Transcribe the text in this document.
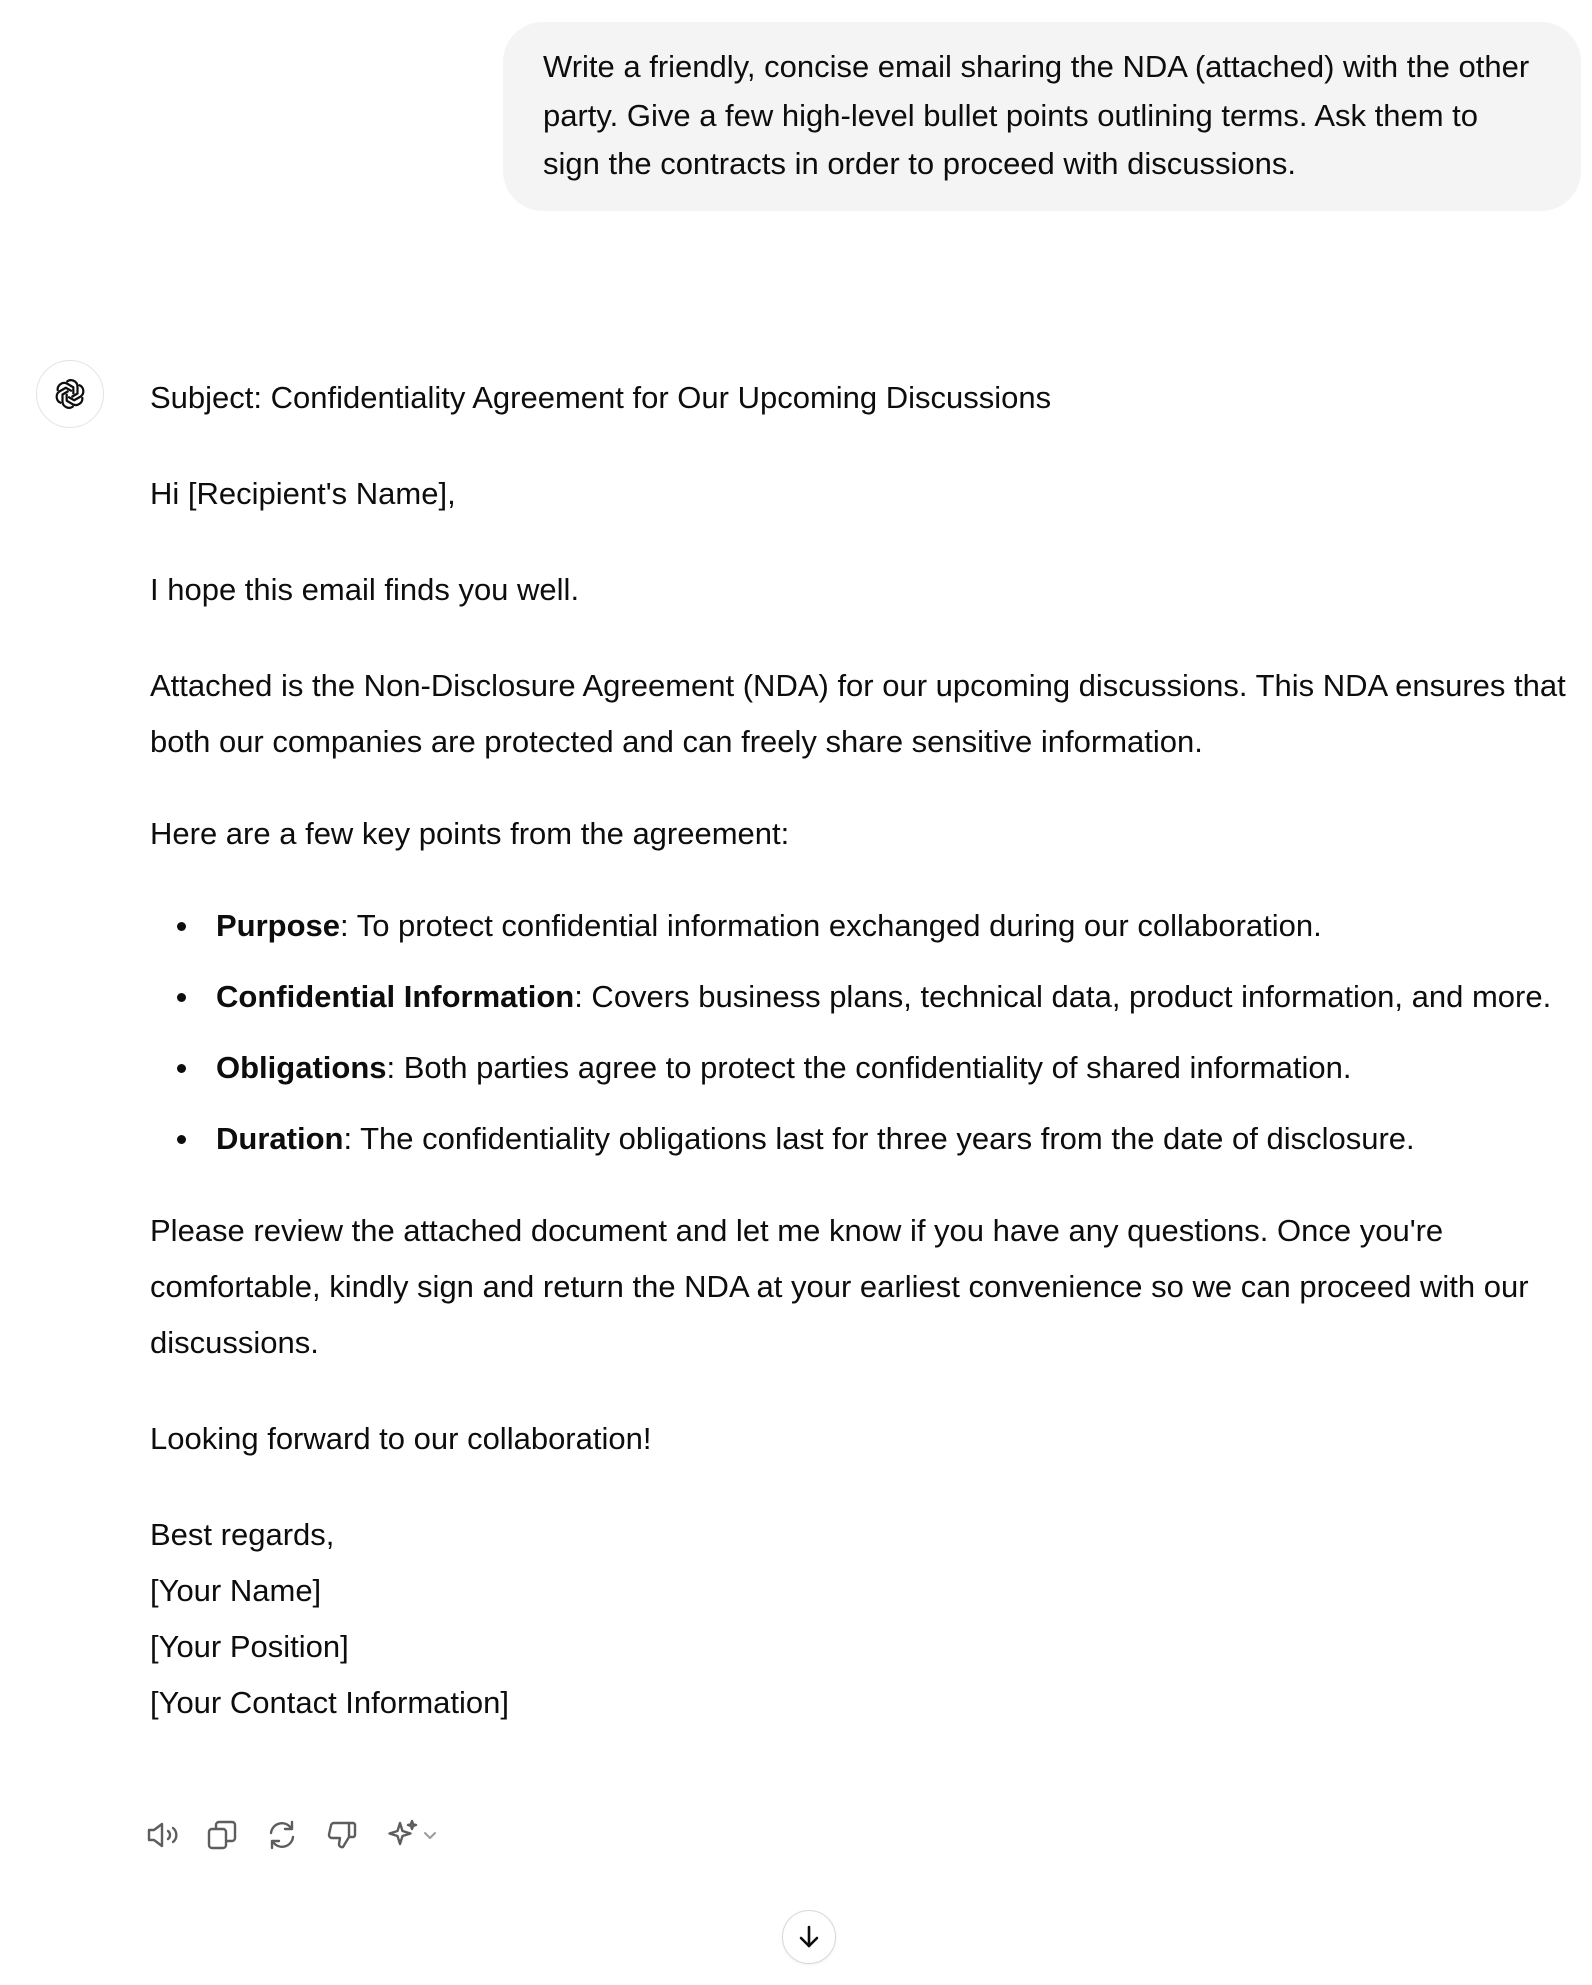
Write a friendly, concise email sharing the NDA (attached) with the other party. Give a few high-level bullet points outlining terms. Ask them to sign the contracts in order to proceed with discussions.

Subject: Confidentiality Agreement for Our Upcoming Discussions

Hi [Recipient's Name],

I hope this email finds you well.

Attached is the Non-Disclosure Agreement (NDA) for our upcoming discussions. This NDA ensures that both our companies are protected and can freely share sensitive information.

Here are a few key points from the agreement:

Purpose: To protect confidential information exchanged during our collaboration.
Confidential Information: Covers business plans, technical data, product information, and more.
Obligations: Both parties agree to protect the confidentiality of shared information.
Duration: The confidentiality obligations last for three years from the date of disclosure.

Please review the attached document and let me know if you have any questions. Once you're comfortable, kindly sign and return the NDA at your earliest convenience so we can proceed with our discussions.

Looking forward to our collaboration!

Best regards,

[Your Name]

[Your Position]

[Your Contact Information]
